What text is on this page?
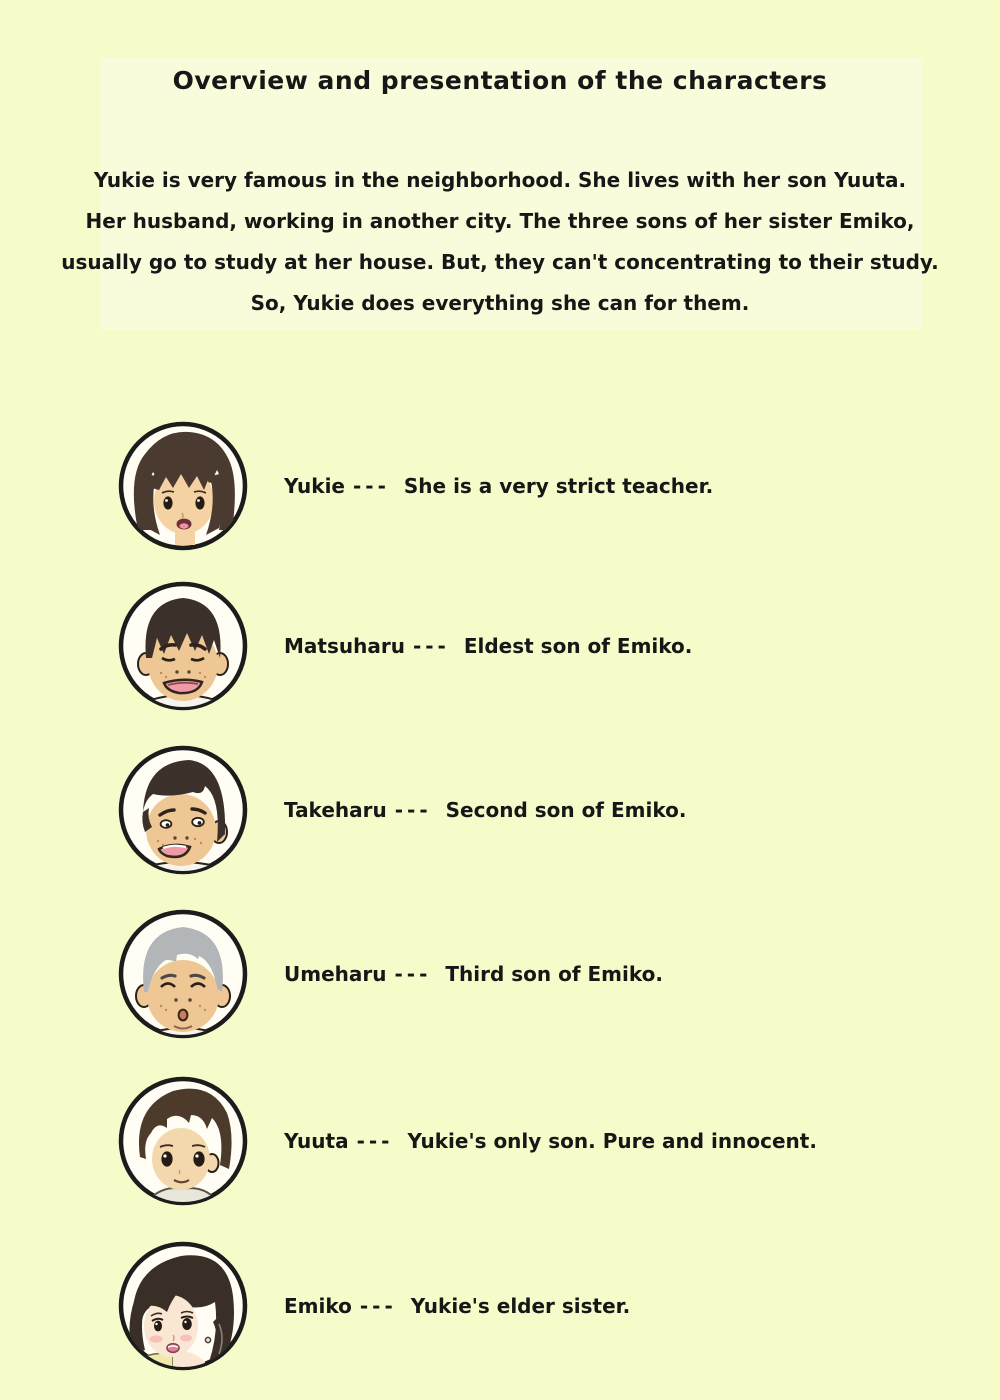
Overview and presentation of the characters
Yukie is very famous in the neighborhood. She lives with her son Yuuta.
Her husband, working in another city. The three sons of her sister Emiko,
usually go to study at her house. But, they can't concentrating to their study.
So, Yukie does everything she can for them.
Yukie --- She is a very strict teacher.
Matsuharu --- Eldest son of Emiko.
Takeharu --- Second son of Emiko.
Umeharu --- Third son of Emiko.
Yuuta --- Yukie's only son. Pure and innocent.
Emiko --- Yukie's elder sister.
